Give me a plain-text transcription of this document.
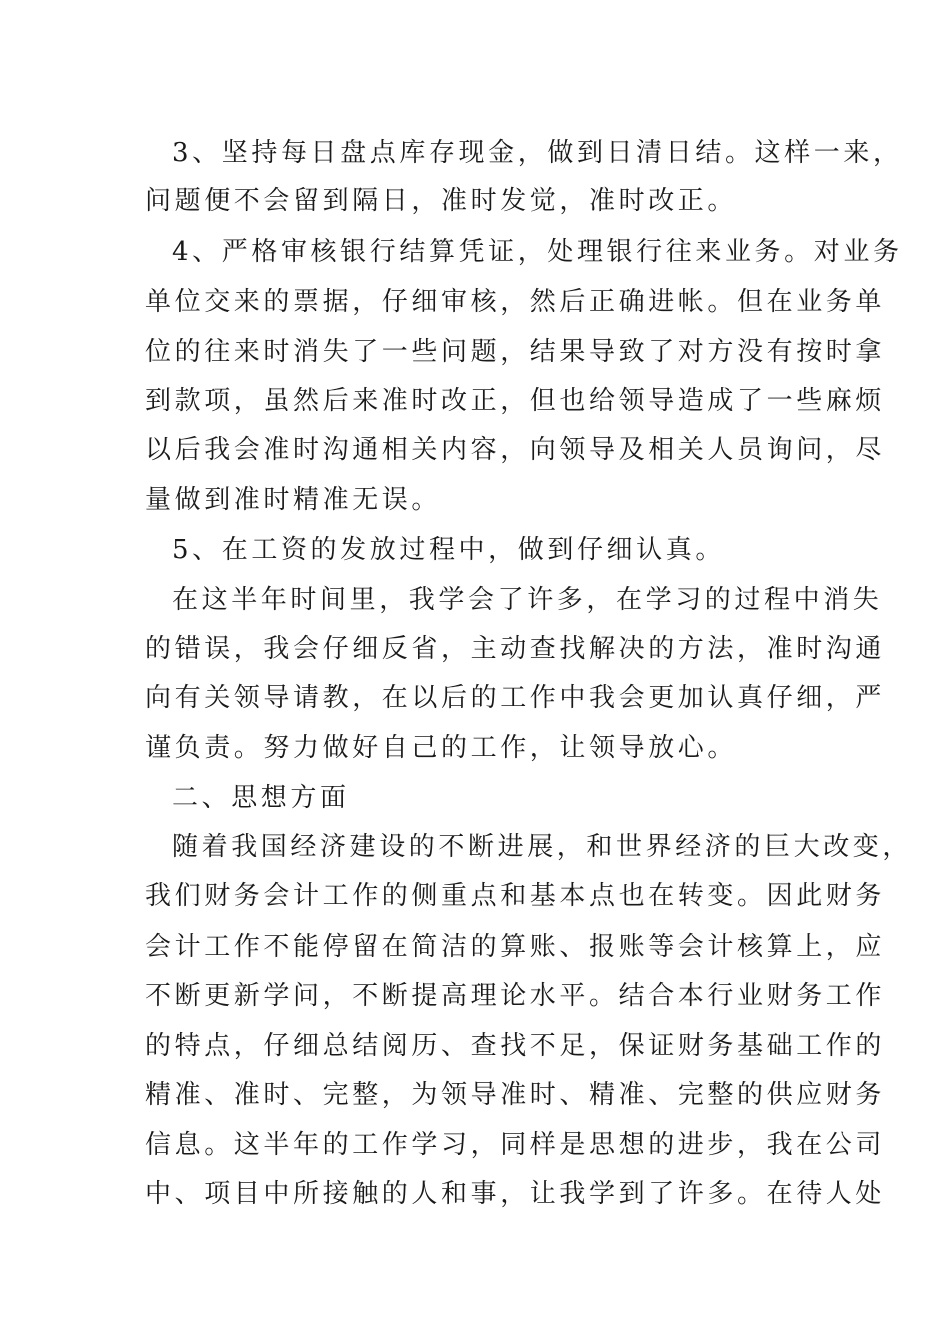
3、坚持每日盘点库存现金，做到日清日结。这样一来，
问题便不会留到隔日，准时发觉，准时改正。
4、严格审核银行结算凭证，处理银行往来业务。对业务
单位交来的票据，仔细审核，然后正确进帐。但在业务单
位的往来时消失了一些问题，结果导致了对方没有按时拿
到款项，虽然后来准时改正，但也给领导造成了一些麻烦
以后我会准时沟通相关内容，向领导及相关人员询问，尽
量做到准时精准无误。
5、在工资的发放过程中，做到仔细认真。
在这半年时间里，我学会了许多，在学习的过程中消失
的错误，我会仔细反省，主动查找解决的方法，准时沟通
向有关领导请教，在以后的工作中我会更加认真仔细，严
谨负责。努力做好自己的工作，让领导放心。
二、思想方面
随着我国经济建设的不断进展，和世界经济的巨大改变，
我们财务会计工作的侧重点和基本点也在转变。因此财务
会计工作不能停留在简洁的算账、报账等会计核算上，应
不断更新学问，不断提高理论水平。结合本行业财务工作
的特点，仔细总结阅历、查找不足，保证财务基础工作的
精准、准时、完整，为领导准时、精准、完整的供应财务
信息。这半年的工作学习，同样是思想的进步，我在公司
中、项目中所接触的人和事，让我学到了许多。在待人处
